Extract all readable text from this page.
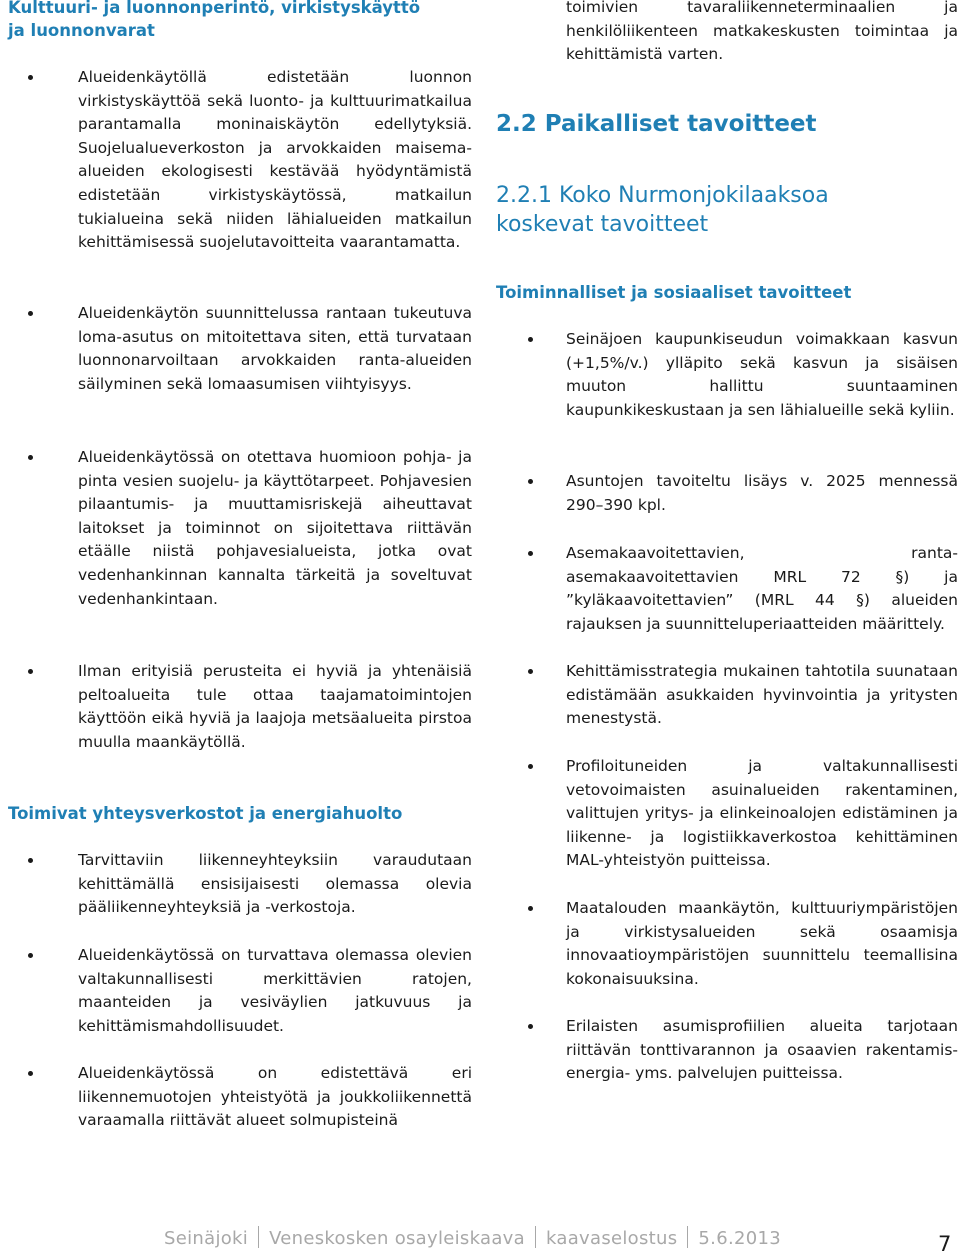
Kulttuuri- ja luonnonperintö, virkistyskäyttö
ja luonnonvarat

Alueidenkäytöllä edistetään luonnon virkistyskäyttöä sekä luonto- ja kulttuurimatkailua parantamalla moninaiskäytön edellytyksiä. Suojelualueverkoston ja arvokkaiden maisema-alueiden ekologisesti kestävää hyödyntämistä edistetään virkistyskäytössä, matkailun tukialueina sekä niiden lähialueiden matkailun kehittämisessä suojelutavoitteita vaarantamatta.
Alueidenkäytön suunnittelussa rantaan tukeutuva loma-asutus on mitoitettava siten, että turvataan luonnonarvoiltaan arvokkaiden ranta-alueiden säilyminen sekä lomaasumisen viihtyisyys.
Alueidenkäytössä on otettava huomioon pohja- ja pinta vesien suojelu- ja käyttötarpeet. Pohjavesien pilaantumis- ja muuttamisriskejä aiheuttavat laitokset ja toiminnot on sijoitettava riittävän etäälle niistä pohjavesialueista, jotka ovat vedenhankinnan kannalta tärkeitä ja soveltuvat vedenhankintaan.
Ilman erityisiä perusteita ei hyviä ja yhtenäisiä peltoalueita tule ottaa taajamatoimintojen käyttöön eikä hyviä ja laajoja metsäalueita pirstoa muulla maankäytöllä.

Toimivat yhteysverkostot ja energiahuolto

Tarvittaviin liikenneyhteyksiin varaudutaan kehittämällä ensisijaisesti olemassa olevia pääliikenneyhteyksiä ja -verkostoja.
Alueidenkäytössä on turvattava olemassa olevien valtakunnallisesti merkittävien ratojen, maanteiden ja vesiväylien jatkuvuus ja kehittämismahdollisuudet.
Alueidenkäytössä on edistettävä eri liikennemuotojen yhteistyötä ja joukkoliikennettä varaamalla riittävät alueet solmupisteinä

toimivien tavaraliikenneterminaalien ja henkilöliikenteen matkakeskusten toimintaa ja kehittämistä varten.

2.2 Paikalliset tavoitteet

2.2.1 Koko Nurmonjokilaaksoa
koskevat tavoitteet

Toiminnalliset ja sosiaaliset tavoitteet

Seinäjoen kaupunkiseudun voimakkaan kasvun (+1,5%/v.) ylläpito sekä kasvun ja sisäisen muuton hallittu suuntaaminen kaupunkikeskustaan ja sen lähialueille sekä kyliin.
Asuntojen tavoiteltu lisäys v. 2025 mennessä 290–390 kpl.
Asemakaavoitettavien, ranta-asemakaavoitettavien MRL 72 §) ja ”kyläkaavoitettavien” (MRL 44 §) alueiden rajauksen ja suunnitteluperiaatteiden määrittely.
Kehittämisstrategia mukainen tahtotila suunataan edistämään asukkaiden hyvinvointia ja yritysten menestystä.
Profiloituneiden ja valtakunnallisesti vetovoimaisten asuinalueiden rakentaminen, valittujen yritys- ja elinkeinoalojen edistäminen ja liikenne- ja logistiikkaverkostoa kehittäminen MAL-yhteistyön puitteissa.
Maatalouden maankäytön, kulttuuriympäristöjen ja virkistysalueiden sekä osaamisja innovaatioympäristöjen suunnittelu teemallisina kokonaisuuksina.
Erilaisten asumisprofiilien alueita tarjotaan riittävän tonttivarannon ja osaavien rakentamis- energia- yms. palvelujen puitteissa.
Seinäjoki Veneskosken osayleiskaava kaavaselostus 5.6.2013	7
